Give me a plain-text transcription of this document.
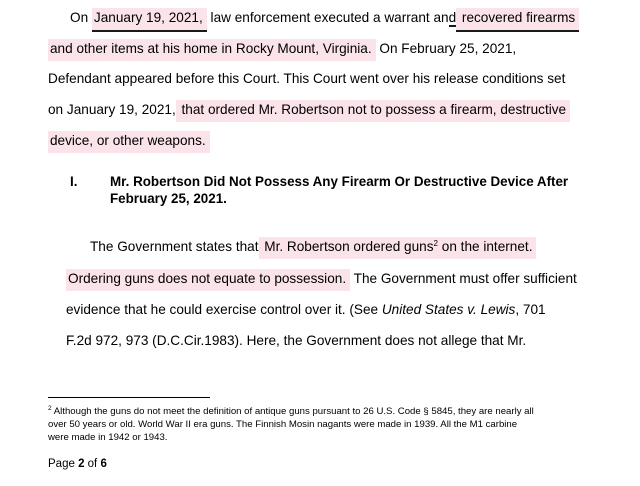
On January 19, 2021, law enforcement executed a warrant and recovered firearms
and other items at his home in Rocky Mount, Virginia. On February 25, 2021,
Defendant appeared before this Court. This Court went over his release conditions set
on January 19, 2021, that ordered Mr. Robertson not to possess a firearm, destructive
device, or other weapons.
I. Mr. Robertson Did Not Possess Any Firearm Or Destructive Device After
February 25, 2021.
The Government states that Mr. Robertson ordered guns$^2$ on the internet.
Ordering guns does not equate to possession. The Government must offer sufficient
evidence that he could exercise control over it. (See United States v. Lewis, 701
F.2d 972, 973 (D.C.Cir.1983). Here, the Government does not allege that Mr.
$^2$ Although the guns do not meet the definition of antique guns pursuant to 26 U.S. Code § 5845, they are nearly all
over 50 years or old. World War II era guns. The Finnish Mosin nagants were made in 1939. All the M1 carbine
were made in 1942 or 1943.
Page 2 of 6
